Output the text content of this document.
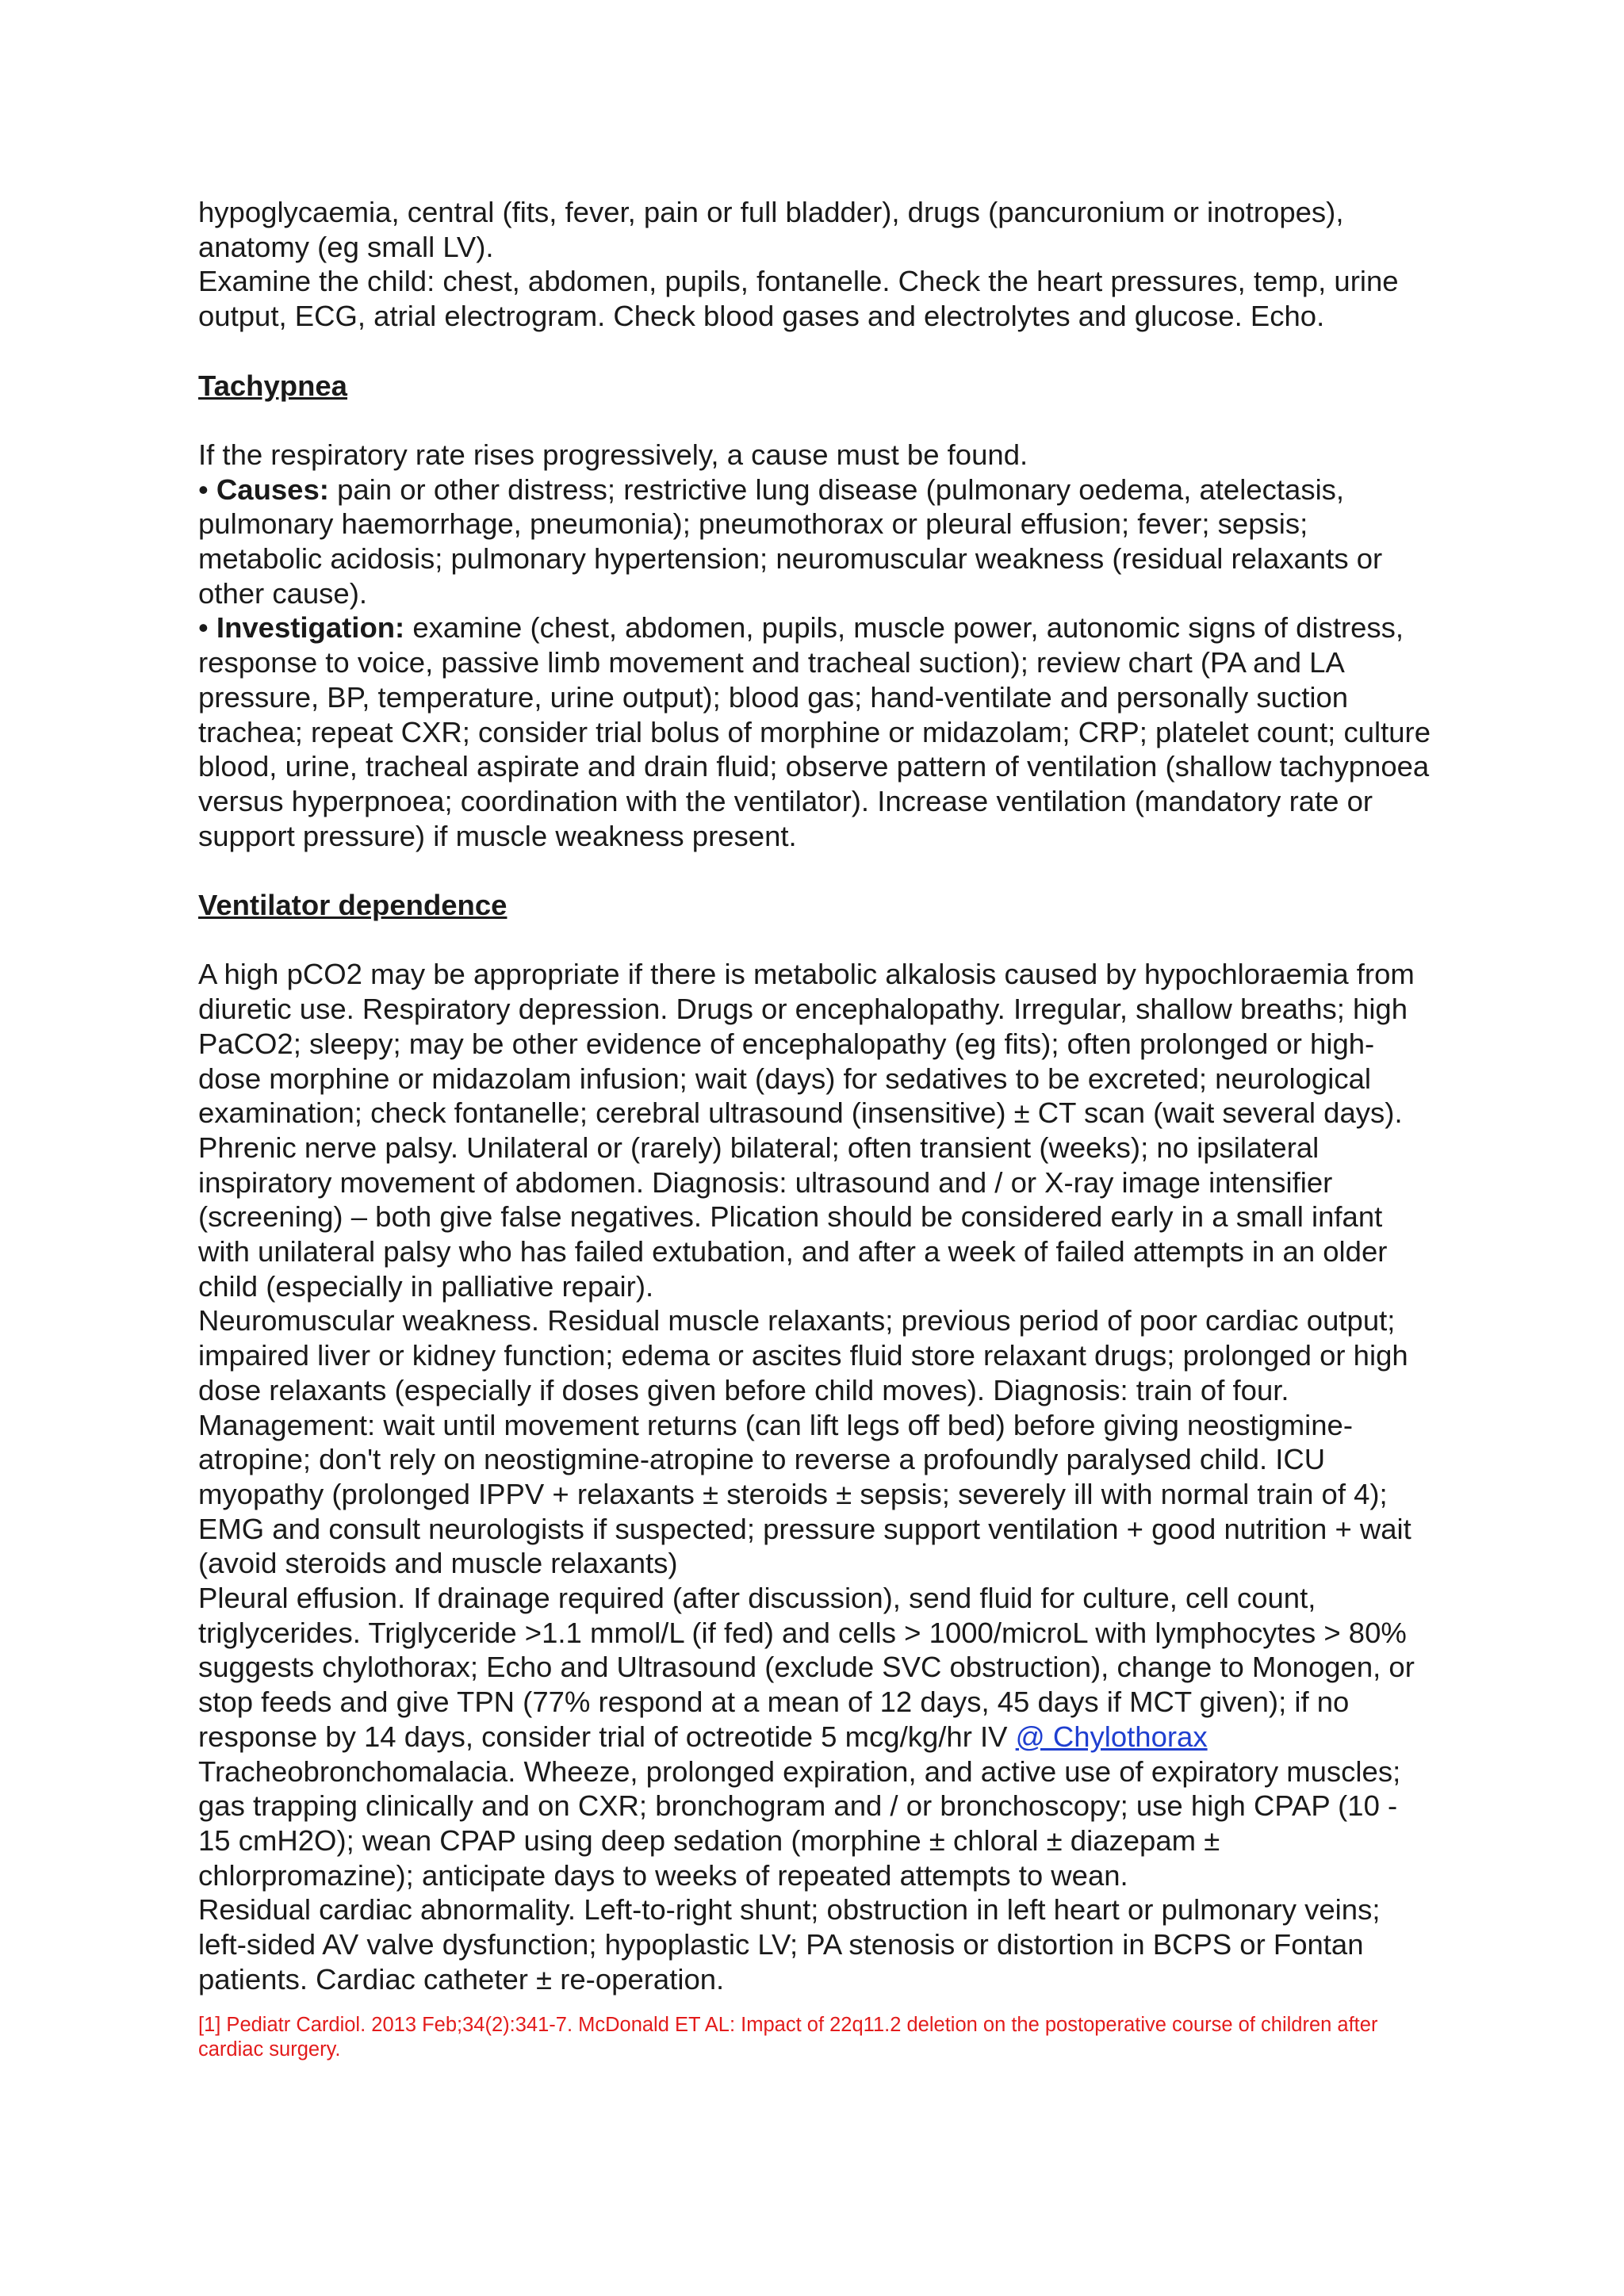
hypoglycaemia, central (fits, fever, pain or full bladder), drugs (pancuronium or inotropes), anatomy (eg small LV).

Examine the child: chest, abdomen, pupils, fontanelle. Check the heart pressures, temp, urine output, ECG, atrial electrogram. Check blood gases and electrolytes and glucose. Echo.

Tachypnea

If the respiratory rate rises progressively, a cause must be found.

• Causes: pain or other distress; restrictive lung disease (pulmonary oedema, atelectasis, pulmonary haemorrhage, pneumonia); pneumothorax or pleural effusion; fever; sepsis; metabolic acidosis; pulmonary hypertension; neuromuscular weakness (residual relaxants or other cause).

• Investigation: examine (chest, abdomen, pupils, muscle power, autonomic signs of distress, response to voice, passive limb movement and tracheal suction); review chart (PA and LA pressure, BP, temperature, urine output); blood gas; hand-ventilate and personally suction trachea; repeat CXR; consider trial bolus of morphine or midazolam; CRP; platelet count; culture blood, urine, tracheal aspirate and drain fluid; observe pattern of ventilation (shallow tachypnoea versus hyperpnoea; coordination with the ventilator). Increase ventilation (mandatory rate or support pressure) if muscle weakness present.

Ventilator dependence

A high pCO2 may be appropriate if there is metabolic alkalosis caused by hypochloraemia from diuretic use. Respiratory depression. Drugs or encephalopathy. Irregular, shallow breaths; high PaCO2; sleepy; may be other evidence of encephalopathy (eg fits); often prolonged or high-dose morphine or midazolam infusion; wait (days) for sedatives to be excreted; neurological examination; check fontanelle; cerebral ultrasound (insensitive) ± CT scan (wait several days). Phrenic nerve palsy. Unilateral or (rarely) bilateral; often transient (weeks); no ipsilateral inspiratory movement of abdomen. Diagnosis: ultrasound and / or X-ray image intensifier (screening) – both give false negatives. Plication should be considered early in a small infant with unilateral palsy who has failed extubation, and after a week of failed attempts in an older child (especially in palliative repair).

Neuromuscular weakness. Residual muscle relaxants; previous period of poor cardiac output; impaired liver or kidney function; edema or ascites fluid store relaxant drugs; prolonged or high dose relaxants (especially if doses given before child moves). Diagnosis: train of four. Management: wait until movement returns (can lift legs off bed) before giving neostigmine-atropine; don't rely on neostigmine-atropine to reverse a profoundly paralysed child. ICU myopathy (prolonged IPPV + relaxants ± steroids ± sepsis; severely ill with normal train of 4); EMG and consult neurologists if suspected; pressure support ventilation + good nutrition + wait (avoid steroids and muscle relaxants)

Pleural effusion. If drainage required (after discussion), send fluid for culture, cell count, triglycerides. Triglyceride >1.1 mmol/L (if fed) and cells > 1000/microL with lymphocytes > 80% suggests chylothorax; Echo and Ultrasound (exclude SVC obstruction), change to Monogen, or stop feeds and give TPN (77% respond at a mean of 12 days, 45 days if MCT given); if no response by 14 days, consider trial of octreotide 5 mcg/kg/hr IV @ Chylothorax

Tracheobronchomalacia. Wheeze, prolonged expiration, and active use of expiratory muscles; gas trapping clinically and on CXR; bronchogram and / or bronchoscopy; use high CPAP (10 - 15 cmH2O); wean CPAP using deep sedation (morphine ± chloral ± diazepam ± chlorpromazine); anticipate days to weeks of repeated attempts to wean.

Residual cardiac abnormality. Left-to-right shunt; obstruction in left heart or pulmonary veins; left-sided AV valve dysfunction; hypoplastic LV; PA stenosis or distortion in BCPS or Fontan patients. Cardiac catheter ± re-operation.

[1] Pediatr Cardiol. 2013 Feb;34(2):341-7. McDonald ET AL: Impact of 22q11.2 deletion on the postoperative course of children after cardiac surgery.
